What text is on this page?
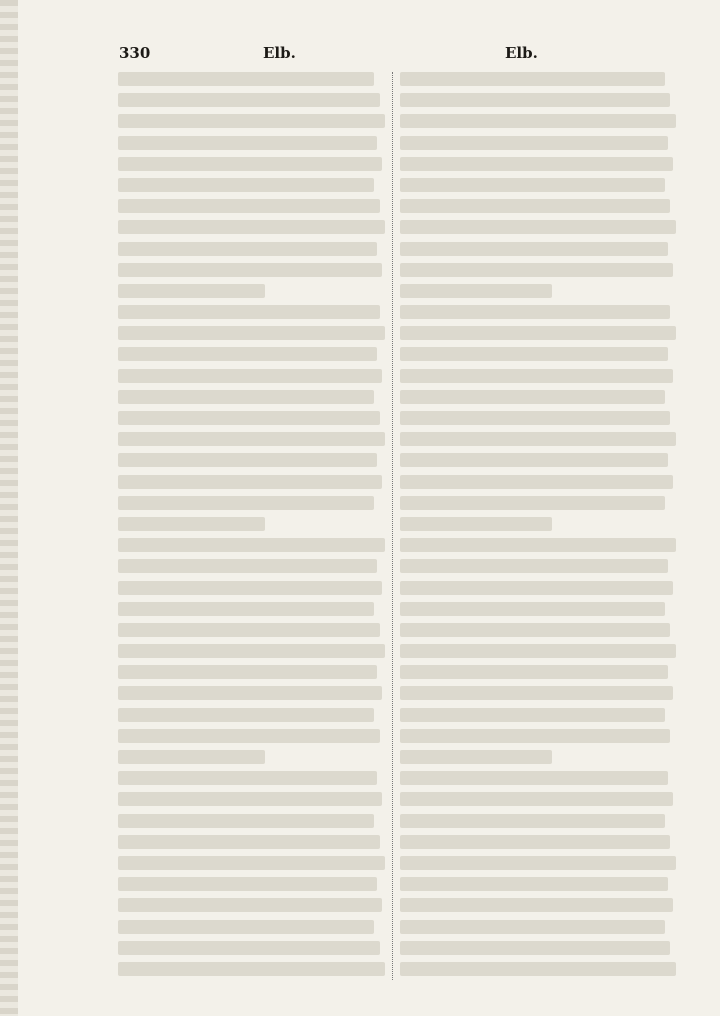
330	Elb.	Elb.
